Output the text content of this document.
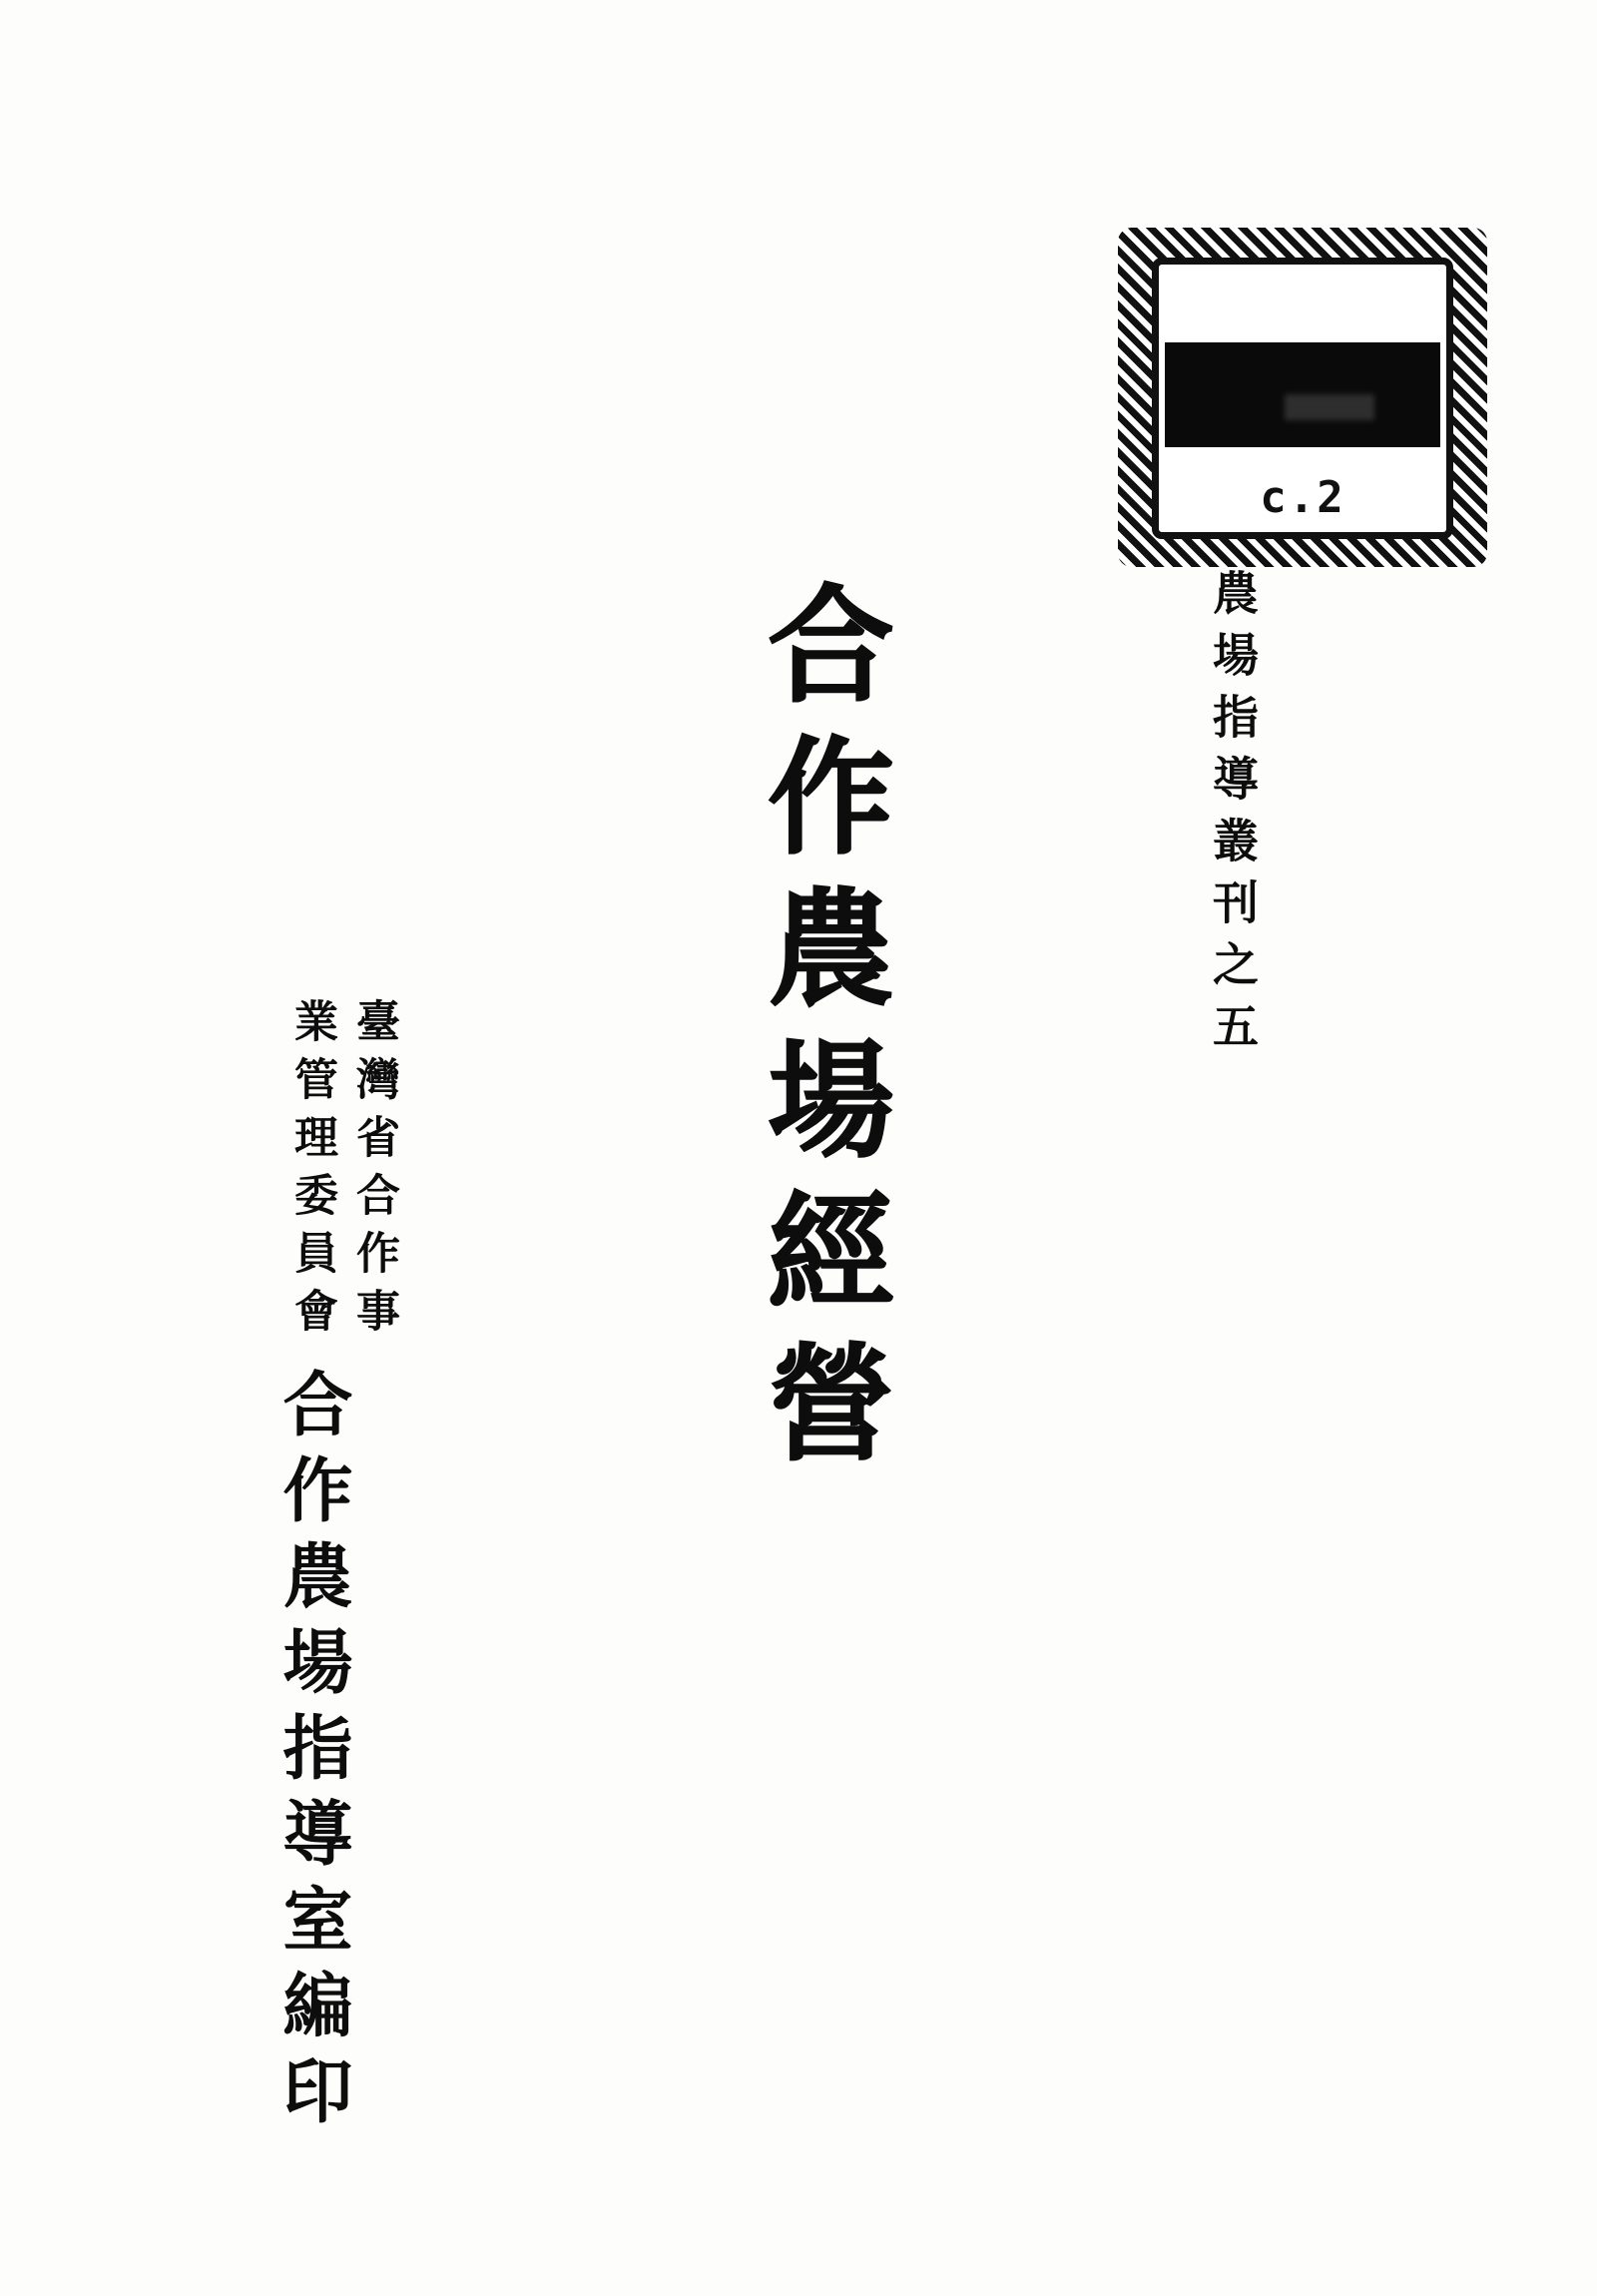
c.2
農場指導叢刊之五
合作農場經營
臺灣省合作事
業管理委員會
合作農場指導室編印
